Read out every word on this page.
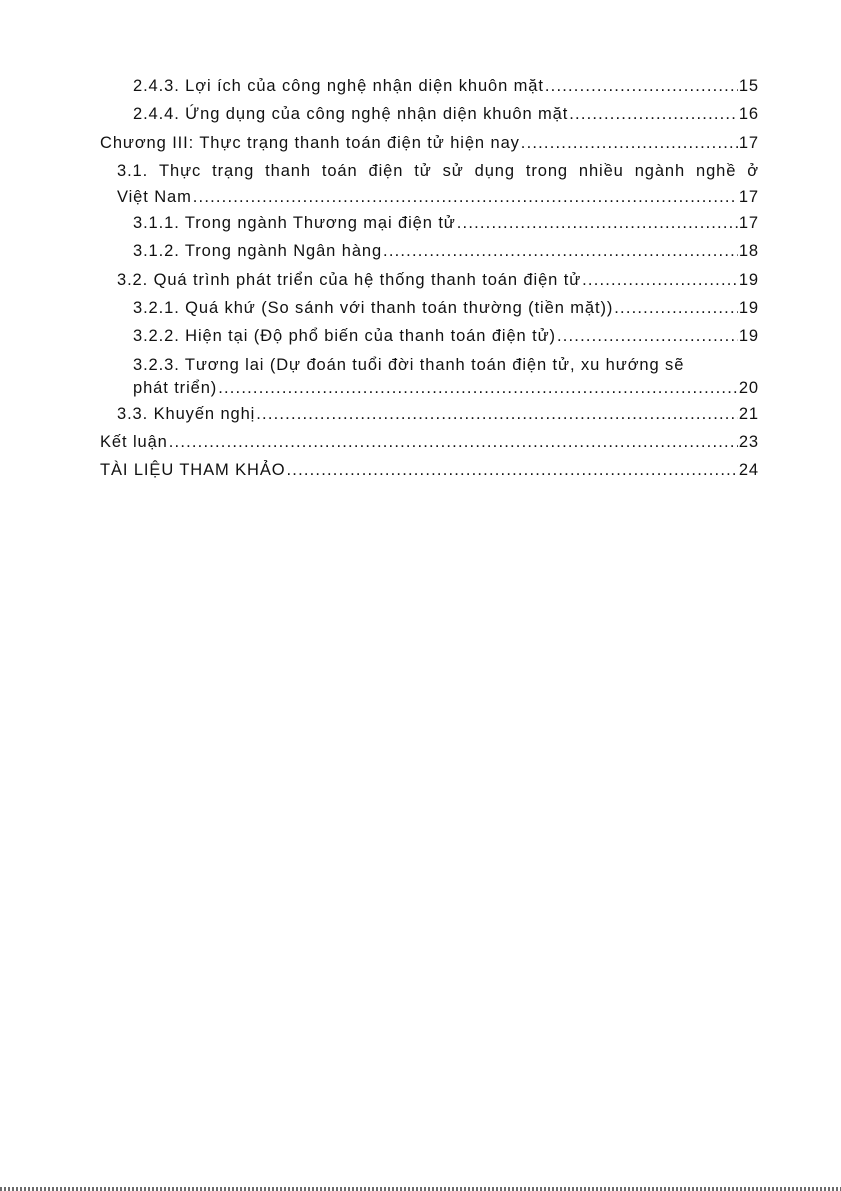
2.4.3. Lợi ích của công nghệ nhận diện khuôn mặt .....	15
2.4.4. Ứng dụng của công nghệ nhận diện khuôn mặt .....	16
Chương III: Thực trạng thanh toán điện tử hiện nay .....	17
3.1. Thực trạng thanh toán điện tử sử dụng trong nhiều ngành nghề ở
Việt Nam .....	17
3.1.1. Trong ngành Thương mại điện tử .....	17
3.1.2. Trong ngành Ngân hàng .....	18
3.2. Quá trình phát triển của hệ thống thanh toán điện tử .....	19
3.2.1. Quá khứ (So sánh với thanh toán thường (tiền mặt)) .....	19
3.2.2. Hiện tại (Độ phổ biến của thanh toán điện tử) .....	19
3.2.3. Tương lai (Dự đoán tuổi đời thanh toán điện tử, xu hướng sẽ
phát triển) .....	20
3.3. Khuyến nghị .....	21
Kết luận .....	23
TÀI LIỆU THAM KHẢO .....	24
